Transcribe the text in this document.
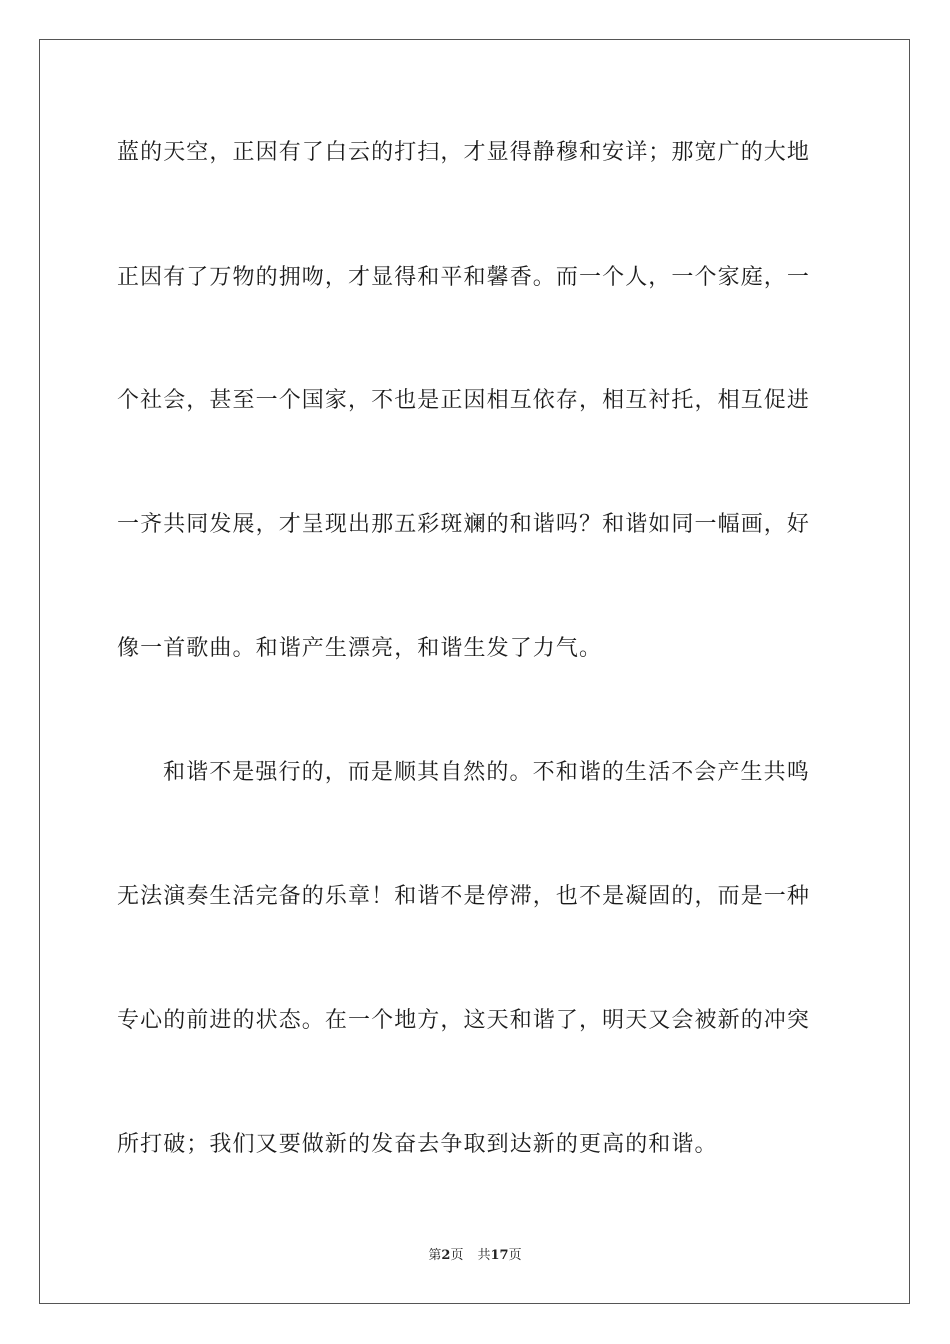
蓝的天空，正因有了白云的打扫，才显得静穆和安详；那宽广的大地
正因有了万物的拥吻，才显得和平和馨香。而一个人，一个家庭，一
个社会，甚至一个国家，不也是正因相互依存，相互衬托，相互促进
一齐共同发展，才呈现出那五彩斑斓的和谐吗？和谐如同一幅画，好
像一首歌曲。和谐产生漂亮，和谐生发了力气。
和谐不是强行的，而是顺其自然的。不和谐的生活不会产生共鸣
无法演奏生活完备的乐章！和谐不是停滞，也不是凝固的，而是一种
专心的前进的状态。在一个地方，这天和谐了，明天又会被新的冲突
所打破；我们又要做新的发奋去争取到达新的更高的和谐。
第2页 共17页
